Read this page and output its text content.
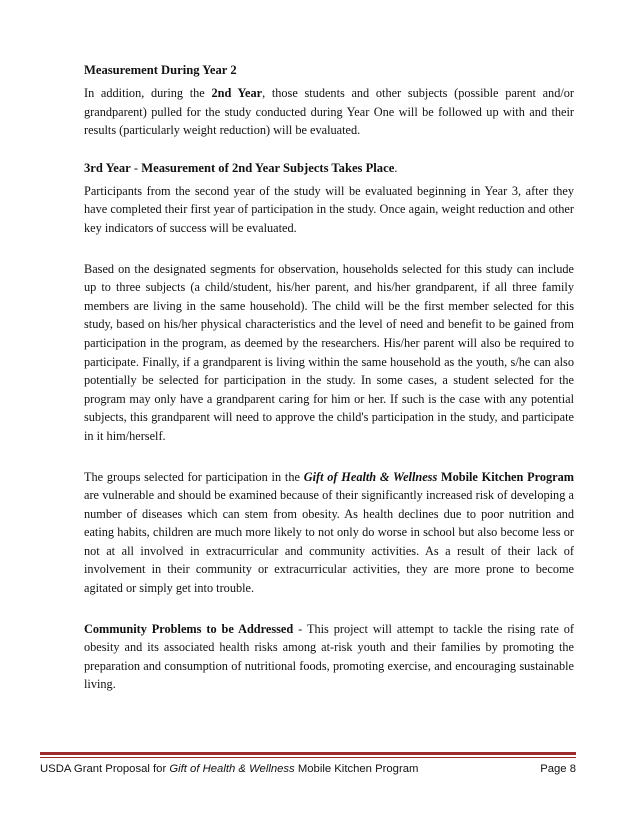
Measurement During Year 2

In addition, during the 2nd Year, those students and other subjects (possible parent and/or grandparent) pulled for the study conducted during Year One will be followed up with and their results (particularly weight reduction) will be evaluated.

3rd Year - Measurement of 2nd Year Subjects Takes Place.

Participants from the second year of the study will be evaluated beginning in Year 3, after they have completed their first year of participation in the study. Once again, weight reduction and other key indicators of success will be evaluated.

Based on the designated segments for observation, households selected for this study can include up to three subjects (a child/student, his/her parent, and his/her grandparent, if all three family members are living in the same household). The child will be the first member selected for this study, based on his/her physical characteristics and the level of need and benefit to be gained from participation in the program, as deemed by the researchers. His/her parent will also be required to participate. Finally, if a grandparent is living within the same household as the youth, s/he can also potentially be selected for participation in the study. In some cases, a student selected for the program may only have a grandparent caring for him or her. If such is the case with any potential subjects, this grandparent will need to approve the child's participation in the study, and participate in it him/herself.

The groups selected for participation in the Gift of Health & Wellness Mobile Kitchen Program are vulnerable and should be examined because of their significantly increased risk of developing a number of diseases which can stem from obesity. As health declines due to poor nutrition and eating habits, children are much more likely to not only do worse in school but also become less or not at all involved in extracurricular and community activities. As a result of their lack of involvement in their community or extracurricular activities, they are more prone to become agitated or simply get into trouble.

Community Problems to be Addressed - This project will attempt to tackle the rising rate of obesity and its associated health risks among at-risk youth and their families by promoting the preparation and consumption of nutritional foods, promoting exercise, and encouraging sustainable living.

USDA Grant Proposal for Gift of Health & Wellness Mobile Kitchen Program	Page 8
